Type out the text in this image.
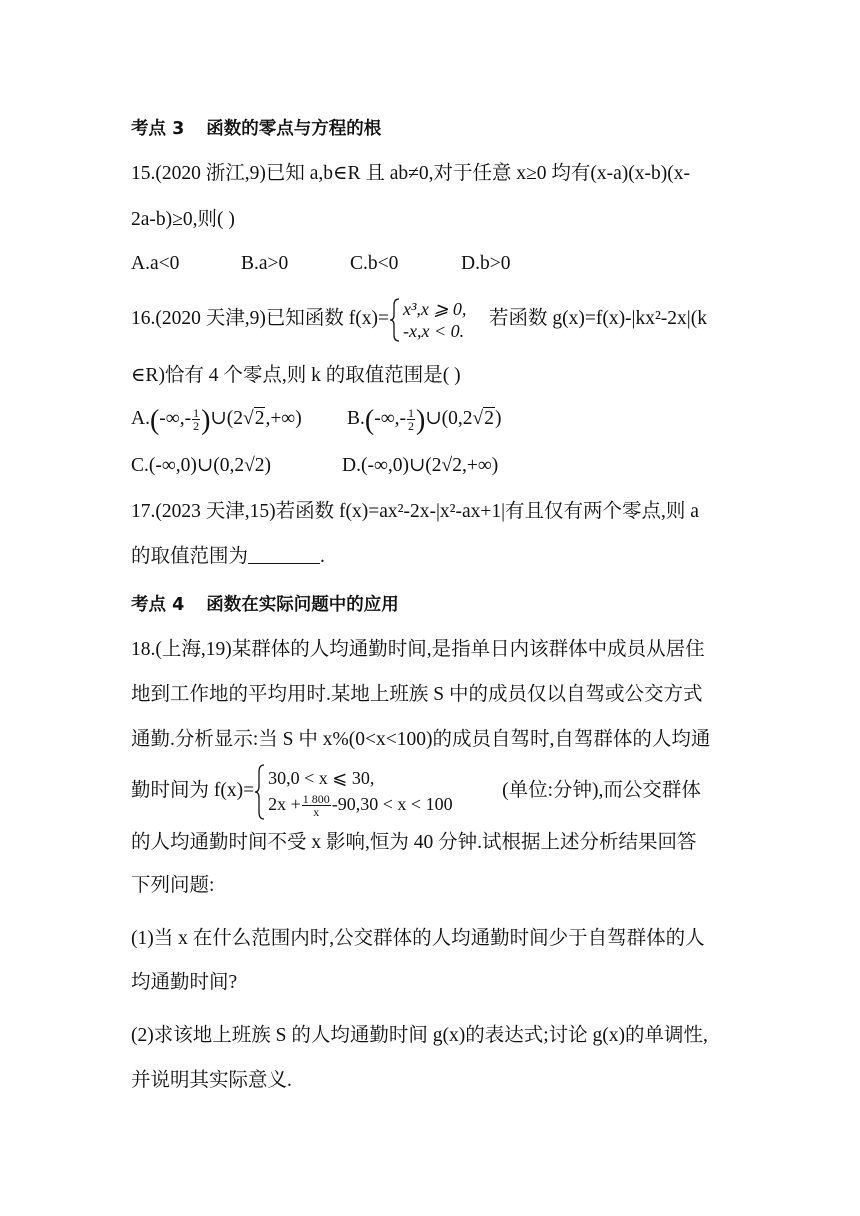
考点 3 函数的零点与方程的根
15.(2020 浙江,9)已知 a,b∈R 且 ab≠0,对于任意 x≥0 均有(x-a)(x-b)(x-
2a-b)≥0,则( )
A.a<0	B.a>0	C.b<0	D.b>0
16.(2020 天津,9)已知函数 f(x)= x³,x ⩾ 0,
-x,x < 0.
若函数 g(x)=f(x)-|kx²-2x|(k
∈R)恰有 4 个零点,则 k 的取值范围是( )
$A.(-\infty,- \frac{1}{2}$ )∪(2√2,+∞) $B.(-\infty,- \frac{1}{2}$ )∪(0,2√2)
C.(-∞,0)∪(0,2√2)	D.(-∞,0)∪(2√2,+∞)
17.(2023 天津,15)若函数 f(x)=ax²-2x-|x²-ax+1|有且仅有两个零点,则 a
的取值范围为	.
考点 4 函数在实际问题中的应用
18.(上海,19)某群体的人均通勤时间,是指单日内该群体中成员从居住
地到工作地的平均用时.某地上班族 S 中的成员仅以自驾或公交方式
通勤.分析显示:当 S 中 x%(0<x<100)的成员自驾时,自驾群体的人均通
勤时间为 f(x)=
30,0 < x ⩽ 30,
$2x + \frac{1 800}{x} -90,30 < x < 100$
(单位:分钟),而公交群体
的人均通勤时间不受 x 影响,恒为 40 分钟.试根据上述分析结果回答
下列问题:
(1)当 x 在什么范围内时,公交群体的人均通勤时间少于自驾群体的人
均通勤时间?
(2)求该地上班族 S 的人均通勤时间 g(x)的表达式;讨论 g(x)的单调性,
并说明其实际意义.
